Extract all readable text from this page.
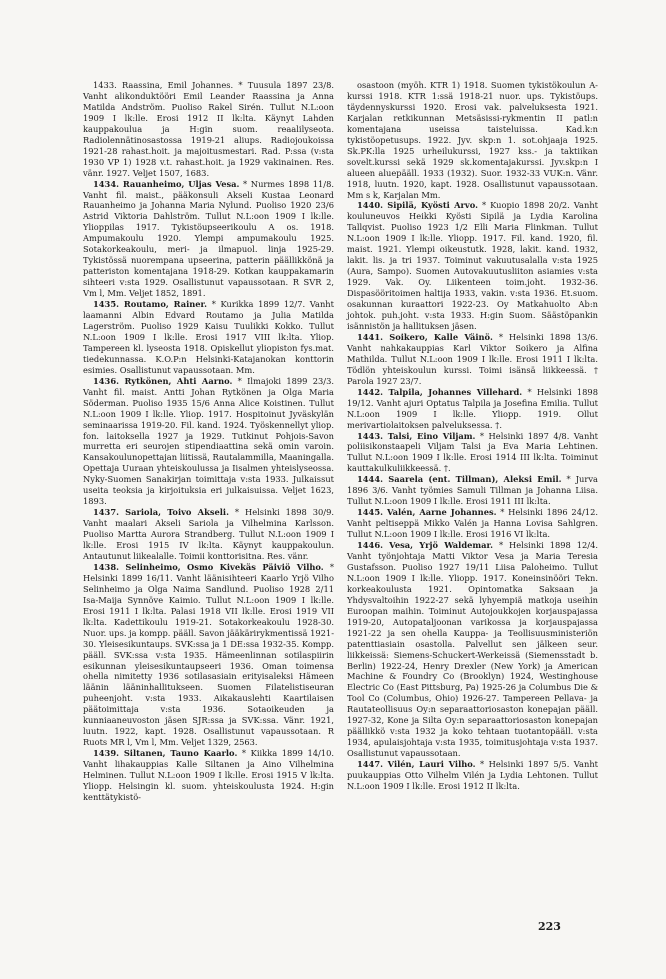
1433. Raassina, Emil Johannes. * Tuusula 1897 23/8. Vanht alikonduktööri Emil Leander Raassina ja Anna Matilda Andström. Puoliso Rakel Sirén. Tullut N.L:oon 1909 I lk:lle. Erosi 1912 II lk:lta. Käynyt Lahden kauppakoulua ja H:gin suom. reaalilyseota. Radiolennätinosastossa 1919-21 aliups. Radiojoukoissa 1921-28 rahast.hoit. ja majoitusmestari. Rad. P:ssa (v:sta 1930 VP 1) 1928 v.t. rahast.hoit. ja 1929 vakinainen. Res. vänr. 1927. Veljet 1507, 1683.

1434. Rauanheimo, Uljas Vesa. * Nurmes 1898 11/8. Vanht fil. maist., pääkonsuli Akseli Kustaa Leonard Rauanheimo ja Johanna Maria Nylund. Puoliso 1920 23/6 Astrid Viktoria Dahlström. Tullut N.L:oon 1909 I lk:lle. Ylioppilas 1917. Tykistöupseerikoulu A os. 1918. Ampumakoulu 1920. Ylempi ampumakoulu 1925. Sotakorkeakoulu, meri- ja ilmapuol. linja 1925-29. Tykistössä nuorempana upseerina, patterin päällikkönä ja patteriston komentajana 1918-29. Kotkan kauppakamarin sihteeri v:sta 1929. Osallistunut vapaussotaan. R SVR 2, Vm l, Mm. Veljet 1852, 1891.

1435. Routamo, Rainer. * Kurikka 1899 12/7. Vanht laamanni Albin Edvard Routamo ja Julia Matilda Lagerström. Puoliso 1929 Kaisu Tuulikki Kokko. Tullut N.L:oon 1909 I lk:lle. Erosi 1917 VIII lk:lta. Yliop. Tampereen kl. lyseosta 1918. Opiskellut yliopiston fys.mat. tiedekunnassa. K.O.P:n Helsinki-Katajanokan konttorin esimies. Osallistunut vapaussotaan. Mm.

1436. Rytkönen, Ahti Aarno. * Ilmajoki 1899 23/3. Vanht fil. maist. Antti Johan Rytkönen ja Olga Maria Söderman. Puoliso 1935 15/6 Anna Alice Koistinen. Tullut N.L:oon 1909 I lk:lle. Yliop. 1917. Hospitoinut Jyväskylän seminaarissa 1919-20. Fil. kand. 1924. Työskennellyt yliop. fon. laitoksella 1927 ja 1929. Tutkinut Pohjois-Savon murretta eri seurojen stipendiaattina sekä omin varoin. Kansakoulunopettajan liitissä, Rautalammilla, Maaningalla. Opettaja Uuraan yhteiskoulussa ja Iisalmen yhteislyseossa. Nyky-Suomen Sanakirjan toimittaja v:sta 1933. Julkaissut useita teoksia ja kirjoituksia eri julkaisuissa. Veljet 1623, 1893.

1437. Sariola, Toivo Akseli. * Helsinki 1898 30/9. Vanht maalari Akseli Sariola ja Vilhelmina Karlsson. Puoliso Martta Aurora Strandberg. Tullut N.L:oon 1909 I lk:lle. Erosi 1915 IV lk:lta. Käynyt kauppakoulun. Antautunut liikealalle. Toimii konttorisitna. Res. vänr.

1438. Selinheimo, Osmo Kivekäs Päiviö Vilho. * Helsinki 1899 16/11. Vanht läänisihteeri Kaarlo Yrjö Vilho Selinheimo ja Olga Naima Sandlund. Puoliso 1928 2/11 Isa-Maija Synnöve Kaimio. Tullut N.L:oon 1909 I lk:lle. Erosi 1911 I lk:lta. Palasi 1918 VII lk:lle. Erosi 1919 VII lk:lta. Kadettikoulu 1919-21. Sotakorkeakoulu 1928-30. Nuor. ups. ja kompp. pääll. Savon jääkärirykmentissä 1921-30. Yleisesikuntaups. SVK:ssa ja 1 DE:ssa 1932-35. Kompp. pääll. SVK:ssa v:sta 1935. Hämeenlinnan sotilaspiirin esikunnan yleisesikuntaupseeri 1936. Oman toimensa ohella nimitetty 1936 sotilasasiain erityisaleksi Hämeen läänin lääninhallitukseen. Suomen Filatelistiseuran puheenjoht. v:sta 1933. Aikakauslehti Kaartilaisen päätoimittaja v:sta 1936. Sotaoikeuden ja kunniaaneuvoston jäsen SJR:ssa ja SVK:ssa. Vänr. 1921, luutn. 1922, kapt. 1928. Osallistunut vapaussotaan. R Ruots MR l, Vm l, Mm. Veljet 1329, 2563.

1439. Siltanen, Tauno Kaarlo. * Kiikka 1899 14/10. Vanht lihakauppias Kalle Siltanen ja Aino Vilhelmina Helminen. Tullut N.L:oon 1909 I lk:lle. Erosi 1915 V lk:lta. Yliopp. Helsingin kl. suom. yhteiskoulusta 1924. H:gin kenttätykistö-

osastoon (myöh. KTR 1) 1918. Suomen tykistökoulun A-kurssi 1918. KTR 1:ssä 1918-21 nuor. ups. Tykistöups. täydennyskurssi 1920. Erosi vak. palveluksesta 1921. Karjalan retkikunnan Metsäsissi-rykmentin II patl:n komentajana useissa taisteluissa. Kad.k:n tykistöopetusups. 1922. Jyv. skp:n 1. sot.ohjaaja 1925. Sk.PK:lla 1925 urheilukurssi, 1927 kss.- ja taktiikan sovelt.kurssi sekä 1929 sk.komentajakurssi. Jyv.skp:n I alueen aluepääll. 1933 (1932). Suor. 1932-33 VUK:n. Vänr. 1918, luutn. 1920, kapt. 1928. Osallistunut vapaussotaan. Mm s k, Karjalan Mm.

1440. Sipilä, Kyösti Arvo. * Kuopio 1898 20/2. Vanht kouluneuvos Heikki Kyösti Sipilä ja Lydia Karolina Tallqvist. Puoliso 1923 1/2 Elli Maria Flinkman. Tullut N.L:oon 1909 I lk:lle. Yliopp. 1917. Fil. kand. 1920, fil. maist. 1921. Ylempi oikeustutk. 1928, lakit. kand. 1932, lakit. lis. ja tri 1937. Toiminut vakuutusalalla v:sta 1925 (Aura, Sampo). Suomen Autovakuutusliiton asiamies v:sta 1929. Vak. Oy. Liikenteen toim.joht. 1932-36. Dispasööritoimen haltija 1933, vakin. v:sta 1936. Et.suom. osakunnan kuraattori 1922-23. Oy Matkahuolto Ab:n johtok. puh.joht. v:sta 1933. H:gin Suom. Säästöpankin isännistön ja hallituksen jäsen.

1441. Soikero, Kalle Väinö. * Helsinki 1898 13/6. Vanht nahkakauppias Karl Viktor Soikero ja Alfina Mathilda. Tullut N.L:oon 1909 I lk:lle. Erosi 1911 I lk:lta. Tödlön yhteiskoulun kurssi. Toimi isänsä liikkeessä. † Parola 1927 23/7.

1442. Talpila, Johannes Villehard. * Helsinki 1898 19/12. Vanht ajuri Optatus Talpila ja Josefina Emilia. Tullut N.L:oon 1909 I lk:lle. Yliopp. 1919. Ollut merivartiolaitoksen palveluksessa. †.

1443. Talsi, Eino Viljam. * Helsinki 1897 4/8. Vanht poliisikonstaapeli Viljam Talsi ja Eva Maria Lehtinen. Tullut N.L:oon 1909 I lk:lle. Erosi 1914 III lk:lta. Toiminut kauttakulkuliikkeessä. †.

1444. Saarela (ent. Tillman), Aleksi Emil. * Jurva 1896 3/6. Vanht työmies Samuli Tillman ja Johanna Liisa. Tullut N.L:oon 1909 I lk:lle. Erosi 1911 III lk:lta.

1445. Valén, Aarne Johannes. * Helsinki 1896 24/12. Vanht peltiseppä Mikko Valén ja Hanna Lovisa Sahlgren. Tullut N.L:oon 1909 I lk:lle. Erosi 1916 VI lk:lta.

1446. Vesa, Yrjö Waldemar. * Helsinki 1898 12/4. Vanht työnjohtaja Matti Viktor Vesa ja Maria Teresia Gustafsson. Puoliso 1927 19/11 Liisa Paloheimo. Tullut N.L:oon 1909 I lk:lle. Yliopp. 1917. Koneinsinööri Tekn. korkeakoulusta 1921. Opintomatka Saksaan ja Yhdysvaltoihin 1922-27 sekä lyhyempiä matkoja useihin Euroopan maihin. Toiminut Autojoukkojen korjauspajassa 1919-20, Autopataljoonan varikossa ja korjauspajassa 1921-22 ja sen ohella Kauppa- ja Teollisuusministeriön patenttiasiain osastolla. Palvellut sen jälkeen seur. liikkeissä: Siemens-Schuckert-Werkeissä (Siemensstadt b. Berlin) 1922-24, Henry Drexler (New York) ja American Machine & Foundry Co (Brooklyn) 1924, Westinghouse Electric Co (East Pittsburg, Pa) 1925-26 ja Columbus Die & Tool Co (Columbus, Ohio) 1926-27. Tampereen Pellava- ja Rautateollisuus Oy:n separaattoriosaston konepajan pääll. 1927-32, Kone ja Silta Oy:n separaattoriosaston konepajan päällikkö v:sta 1932 ja koko tehtaan tuotantopääll. v:sta 1934, apulaisjohtaja v:sta 1935, toimitusjohtaja v:sta 1937. Osallistunut vapaussotaan.

1447. Vilén, Lauri Vilho. * Helsinki 1897 5/5. Vanht puukauppias Otto Vilhelm Vilén ja Lydia Lehtonen. Tullut N.L:oon 1909 I lk:lle. Erosi 1912 II lk:lta.

223
